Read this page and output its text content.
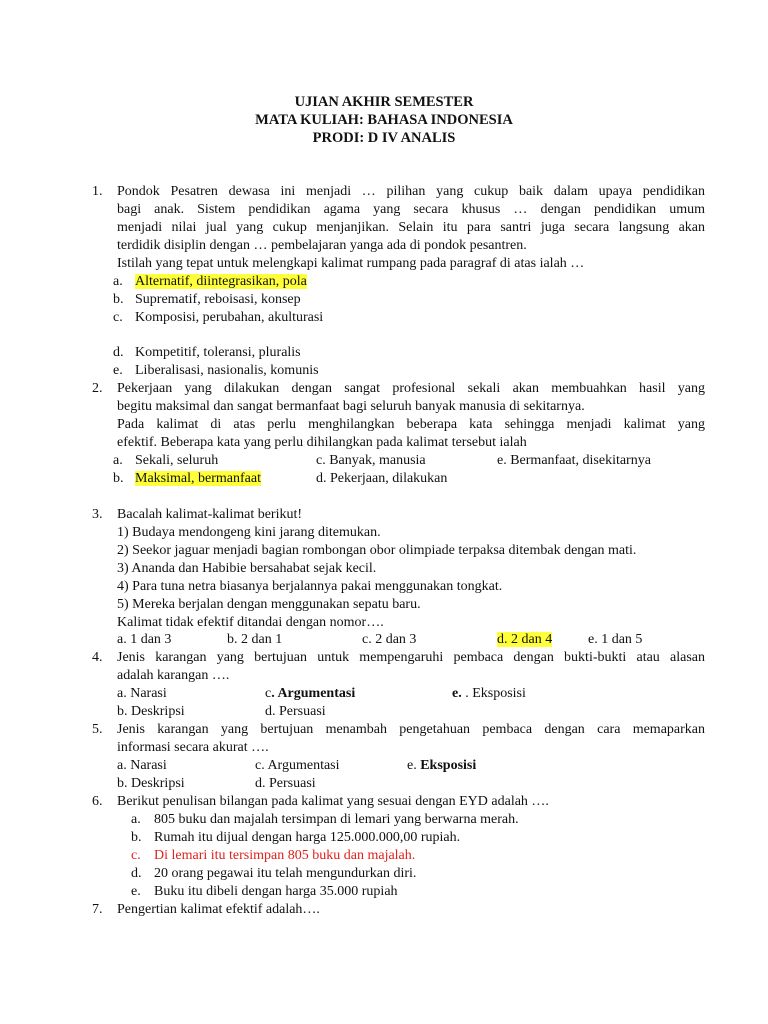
UJIAN AKHIR SEMESTER
MATA KULIAH: BAHASA INDONESIA
PRODI: D IV ANALIS
1. Pondok Pesatren dewasa ini menjadi … pilihan yang cukup baik dalam upaya pendidikan
bagi anak. Sistem pendidikan agama yang secara khusus … dengan pendidikan umum
menjadi nilai jual yang cukup menjanjikan. Selain itu para santri juga secara langsung akan
terdidik disiplin dengan … pembelajaran yanga ada di pondok pesantren.
Istilah yang tepat untuk melengkapi kalimat rumpang pada paragraf di atas ialah …
a. Alternatif, diintegrasikan, pola
b. Suprematif, reboisasi, konsep
c. Komposisi, perubahan, akulturasi
d. Kompetitif, toleransi, pluralis
e. Liberalisasi, nasionalis, komunis
2. Pekerjaan yang dilakukan dengan sangat profesional sekali akan membuahkan hasil yang
begitu maksimal dan sangat bermanfaat bagi seluruh banyak manusia di sekitarnya.
Pada kalimat di atas perlu menghilangkan beberapa kata sehingga menjadi kalimat yang
efektif. Beberapa kata yang perlu dihilangkan pada kalimat tersebut ialah
a. Sekali, seluruh	c. Banyak, manusia	e. Bermanfaat, disekitarnya
b. Maksimal, bermanfaat	d. Pekerjaan, dilakukan
3. Bacalah kalimat-kalimat berikut!
1) Budaya mendongeng kini jarang ditemukan.
2) Seekor jaguar menjadi bagian rombongan obor olimpiade terpaksa ditembak dengan mati.
3) Ananda dan Habibie bersahabat sejak kecil.
4) Para tuna netra biasanya berjalannya pakai menggunakan tongkat.
5) Mereka berjalan dengan menggunakan sepatu baru.
Kalimat tidak efektif ditandai dengan nomor….
a. 1 dan 3	b. 2 dan 1	c. 2 dan 3	d. 2 dan 4	e. 1 dan 5
4. Jenis karangan yang bertujuan untuk mempengaruhi pembaca dengan bukti-bukti atau alasan
adalah karangan ….
a. Narasi	c. Argumentasi	e. . Eksposisi
b. Deskripsi	d. Persuasi
5. Jenis karangan yang bertujuan menambah pengetahuan pembaca dengan cara memaparkan
informasi secara akurat ….
a. Narasi	c. Argumentasi	e. Eksposisi
b. Deskripsi	d. Persuasi
6. Berikut penulisan bilangan pada kalimat yang sesuai dengan EYD adalah ….
a. 805 buku dan majalah tersimpan di lemari yang berwarna merah.
b. Rumah itu dijual dengan harga 125.000.000,00 rupiah.
c. Di lemari itu tersimpan 805 buku dan majalah.
d. 20 orang pegawai itu telah mengundurkan diri.
e. Buku itu dibeli dengan harga 35.000 rupiah
7. Pengertian kalimat efektif adalah….
